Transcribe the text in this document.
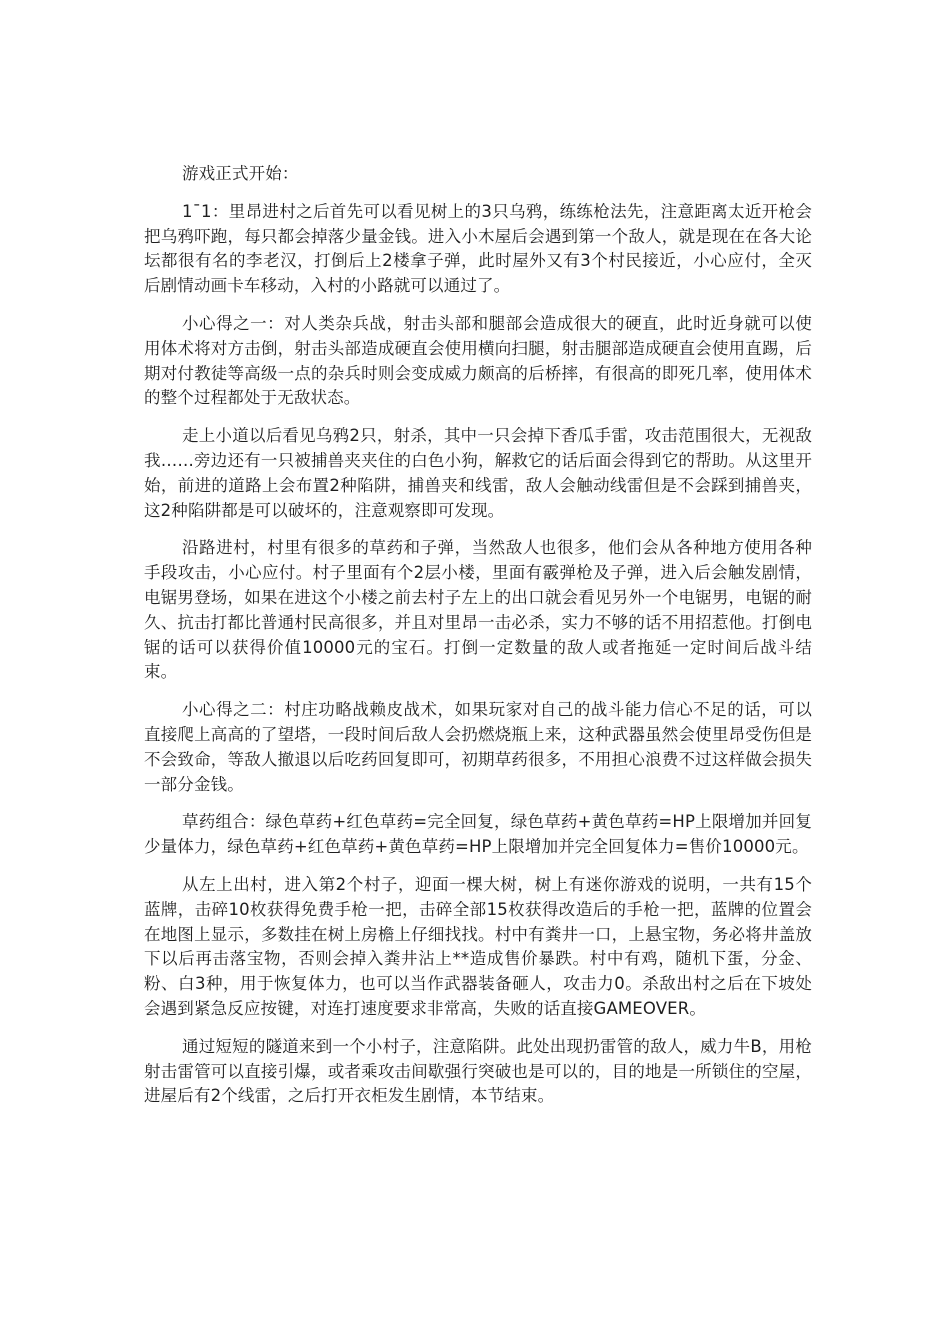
游戏正式开始：

1¯1：里昂进村之后首先可以看见树上的3只乌鸦，练练枪法先，注意距离太近开枪会把乌鸦吓跑，每只都会掉落少量金钱。进入小木屋后会遇到第一个敌人，就是现在在各大论坛都很有名的李老汉，打倒后上2楼拿子弹，此时屋外又有3个村民接近，小心应付，全灭后剧情动画卡车移动，入村的小路就可以通过了。

小心得之一：对人类杂兵战，射击头部和腿部会造成很大的硬直，此时近身就可以使用体术将对方击倒，射击头部造成硬直会使用横向扫腿，射击腿部造成硬直会使用直踢，后期对付教徒等高级一点的杂兵时则会变成威力颇高的后桥摔，有很高的即死几率，使用体术的整个过程都处于无敌状态。

走上小道以后看见乌鸦2只，射杀，其中一只会掉下香瓜手雷，攻击范围很大，无视敌我……旁边还有一只被捕兽夹夹住的白色小狗，解救它的话后面会得到它的帮助。从这里开始，前进的道路上会布置2种陷阱，捕兽夹和线雷，敌人会触动线雷但是不会踩到捕兽夹，这2种陷阱都是可以破坏的，注意观察即可发现。

沿路进村，村里有很多的草药和子弹，当然敌人也很多，他们会从各种地方使用各种手段攻击，小心应付。村子里面有个2层小楼，里面有霰弹枪及子弹，进入后会触发剧情，电锯男登场，如果在进这个小楼之前去村子左上的出口就会看见另外一个电锯男，电锯的耐久、抗击打都比普通村民高很多，并且对里昂一击必杀，实力不够的话不用招惹他。打倒电锯的话可以获得价值10000元的宝石。打倒一定数量的敌人或者拖延一定时间后战斗结束。

小心得之二：村庄功略战赖皮战术，如果玩家对自己的战斗能力信心不足的话，可以直接爬上高高的了望塔，一段时间后敌人会扔燃烧瓶上来，这种武器虽然会使里昂受伤但是不会致命，等敌人撤退以后吃药回复即可，初期草药很多，不用担心浪费不过这样做会损失一部分金钱。

草药组合：绿色草药+红色草药=完全回复，绿色草药+黄色草药=HP上限增加并回复少量体力，绿色草药+红色草药+黄色草药=HP上限增加并完全回复体力=售价10000元。

从左上出村，进入第2个村子，迎面一棵大树，树上有迷你游戏的说明，一共有15个蓝牌，击碎10枚获得免费手枪一把，击碎全部15枚获得改造后的手枪一把，蓝牌的位置会在地图上显示，多数挂在树上房檐上仔细找找。村中有粪井一口，上悬宝物，务必将井盖放下以后再击落宝物，否则会掉入粪井沾上**造成售价暴跌。村中有鸡，随机下蛋，分金、粉、白3种，用于恢复体力，也可以当作武器装备砸人，攻击力0。杀敌出村之后在下坡处会遇到紧急反应按键，对连打速度要求非常高，失败的话直接GAMEOVER。

通过短短的隧道来到一个小村子，注意陷阱。此处出现扔雷管的敌人，威力牛B，用枪射击雷管可以直接引爆，或者乘攻击间歇强行突破也是可以的，目的地是一所锁住的空屋，进屋后有2个线雷，之后打开衣柜发生剧情，本节结束。
